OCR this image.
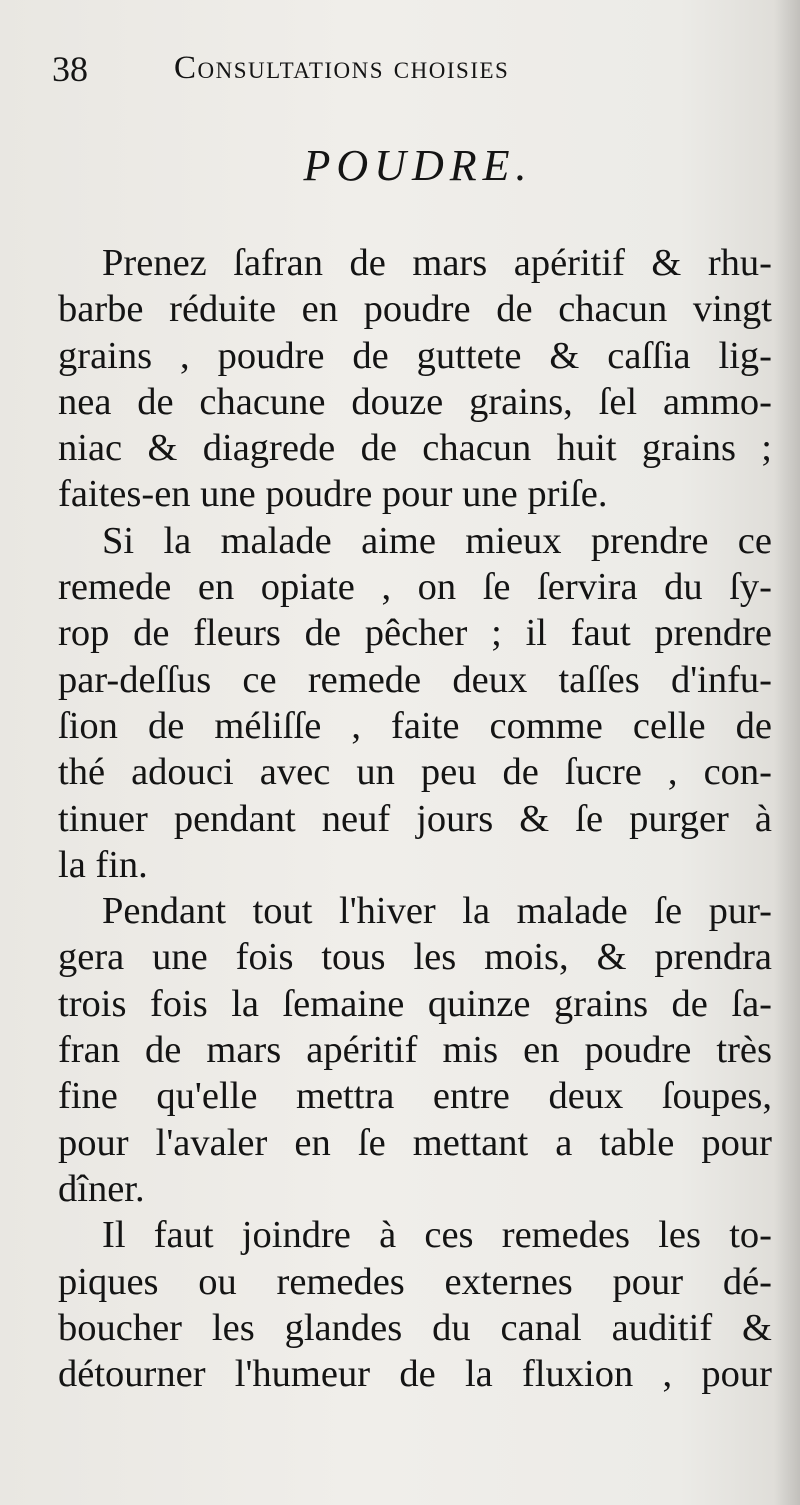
38	Consultations choisies
POUDRE.

Prenez ſafran de mars apéritif & rhu-
barbe réduite en poudre de chacun vingt
grains , poudre de guttete & caſſia lig-
nea de chacune douze grains, ſel ammo-
niac & diagrede de chacun huit grains ;
faites-en une poudre pour une priſe.

Si la malade aime mieux prendre ce
remede en opiate , on ſe ſervira du ſy-
rop de fleurs de pêcher ; il faut prendre
par-deſſus ce remede deux taſſes d'infu-
ſion de méliſſe , faite comme celle de
thé adouci avec un peu de ſucre , con-
tinuer pendant neuf jours & ſe purger à
la fin.

Pendant tout l'hiver la malade ſe pur-
gera une fois tous les mois, & prendra
trois fois la ſemaine quinze grains de ſa-
fran de mars apéritif mis en poudre très
fine qu'elle mettra entre deux ſoupes,
pour l'avaler en ſe mettant a table pour
dîner.

Il faut joindre à ces remedes les to-
piques ou remedes externes pour dé-
boucher les glandes du canal auditif &
détourner l'humeur de la fluxion , pour
